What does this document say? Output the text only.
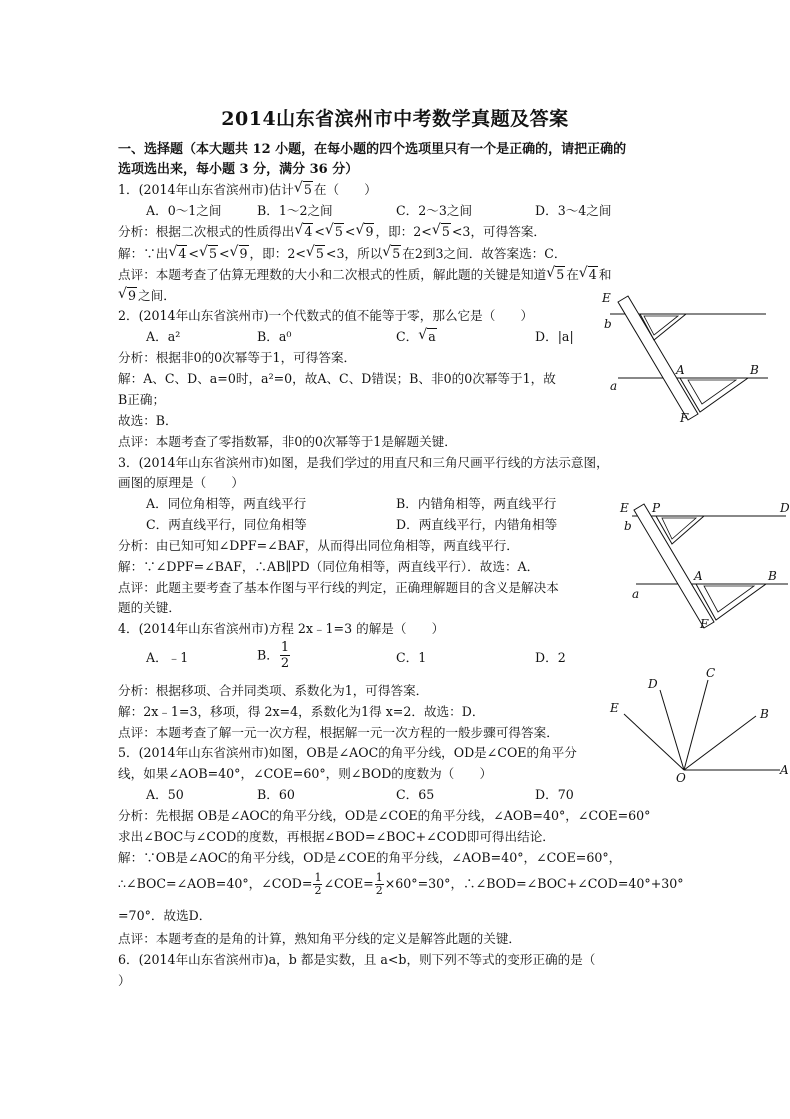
2014山东省滨州市中考数学真题及答案
一、选择题（本大题共 12 小题，在每小题的四个选项里只有一个是正确的，请把正确的
选项选出来，每小题 3 分，满分 36 分）
1．(2014年山东省滨州市)估计 √ 5 在（　　）
A．0～1之间	B．1～2之间	C．2～3之间	D．3～4之间
分析：根据二次根式的性质得出 √ 4 < √ 5 < √ 9 ，即：2< √ 5 <3，可得答案．
解：∵出 √ 4 < √ 5 < √ 9 ，即：2< √ 5 <3，所以 √ 5 在2到3之间．故答案选：C．
点评：本题考查了估算无理数的大小和二次根式的性质，解此题的关键是知道 √ 5 在 √ 4 和
√ 9 之间．
2．(2014年山东省滨州市)一个代数式的值不能等于零，那么它是（　　）
A．a²	B．a⁰	C． √ a	D．|a|
分析：根据非0的0次幂等于1，可得答案．
解：A、C、D、a=0时，a²=0，故A、C、D错误；B、非0的0次幂等于1，故
B正确；
故选：B．
点评：本题考查了零指数幂，非0的0次幂等于1是解题关键．
3．(2014年山东省滨州市)如图，是我们学过的用直尺和三角尺画平行线的方法示意图，
画图的原理是（　　）
A．同位角相等，两直线平行	B．内错角相等，两直线平行
C．两直线平行，同位角相等	D．两直线平行，内错角相等
分析：由已知可知∠DPF=∠BAF，从而得出同位角相等，两直线平行．
解：∵∠DPF=∠BAF，∴AB∥PD（同位角相等，两直线平行）．故选：A．
点评：此题主要考查了基本作图与平行线的判定，正确理解题目的含义是解决本
题的关键．
4．(2014年山东省滨州市)方程 2x﹣1=3 的解是（　　）
A．﹣1	B． $\frac{1}{2}$	C．1	D．2
分析：根据移项、合并同类项、系数化为1，可得答案．
解：2x﹣1=3，移项，得 2x=4，系数化为1得 x=2．故选：D．
点评：本题考查了解一元一次方程，根据解一元一次方程的一般步骤可得答案．
5．(2014年山东省滨州市)如图，OB是∠AOC的角平分线，OD是∠COE的角平分
线，如果∠AOB=40°，∠COE=60°，则∠BOD的度数为（　　）
A．50	B．60	C．65	D．70
分析：先根据 OB是∠AOC的角平分线，OD是∠COE的角平分线，∠AOB=40°，∠COE=60°
求出∠BOC与∠COD的度数，再根据∠BOD=∠BOC+∠COD即可得出结论．
解：∵OB是∠AOC的角平分线，OD是∠COE的角平分线，∠AOB=40°，∠COE=60°，
∴∠BOC=∠AOB=40°，∠COD= $\frac{1}{2}$ ∠COE= $\frac{1}{2} \times 60^\circ=30^\circ$，∴∠BOD=∠BOC+∠COD=40°+30°
=70°．故选D．
点评：本题考查的是角的计算，熟知角平分线的定义是解答此题的关键．
6．(2014年山东省滨州市)a，b 都是实数，且 a<b，则下列不等式的变形正确的是（
）
E
b
A	B
a
F
E P	D
b
A	B
a
F
D
C
E	B
O
A
